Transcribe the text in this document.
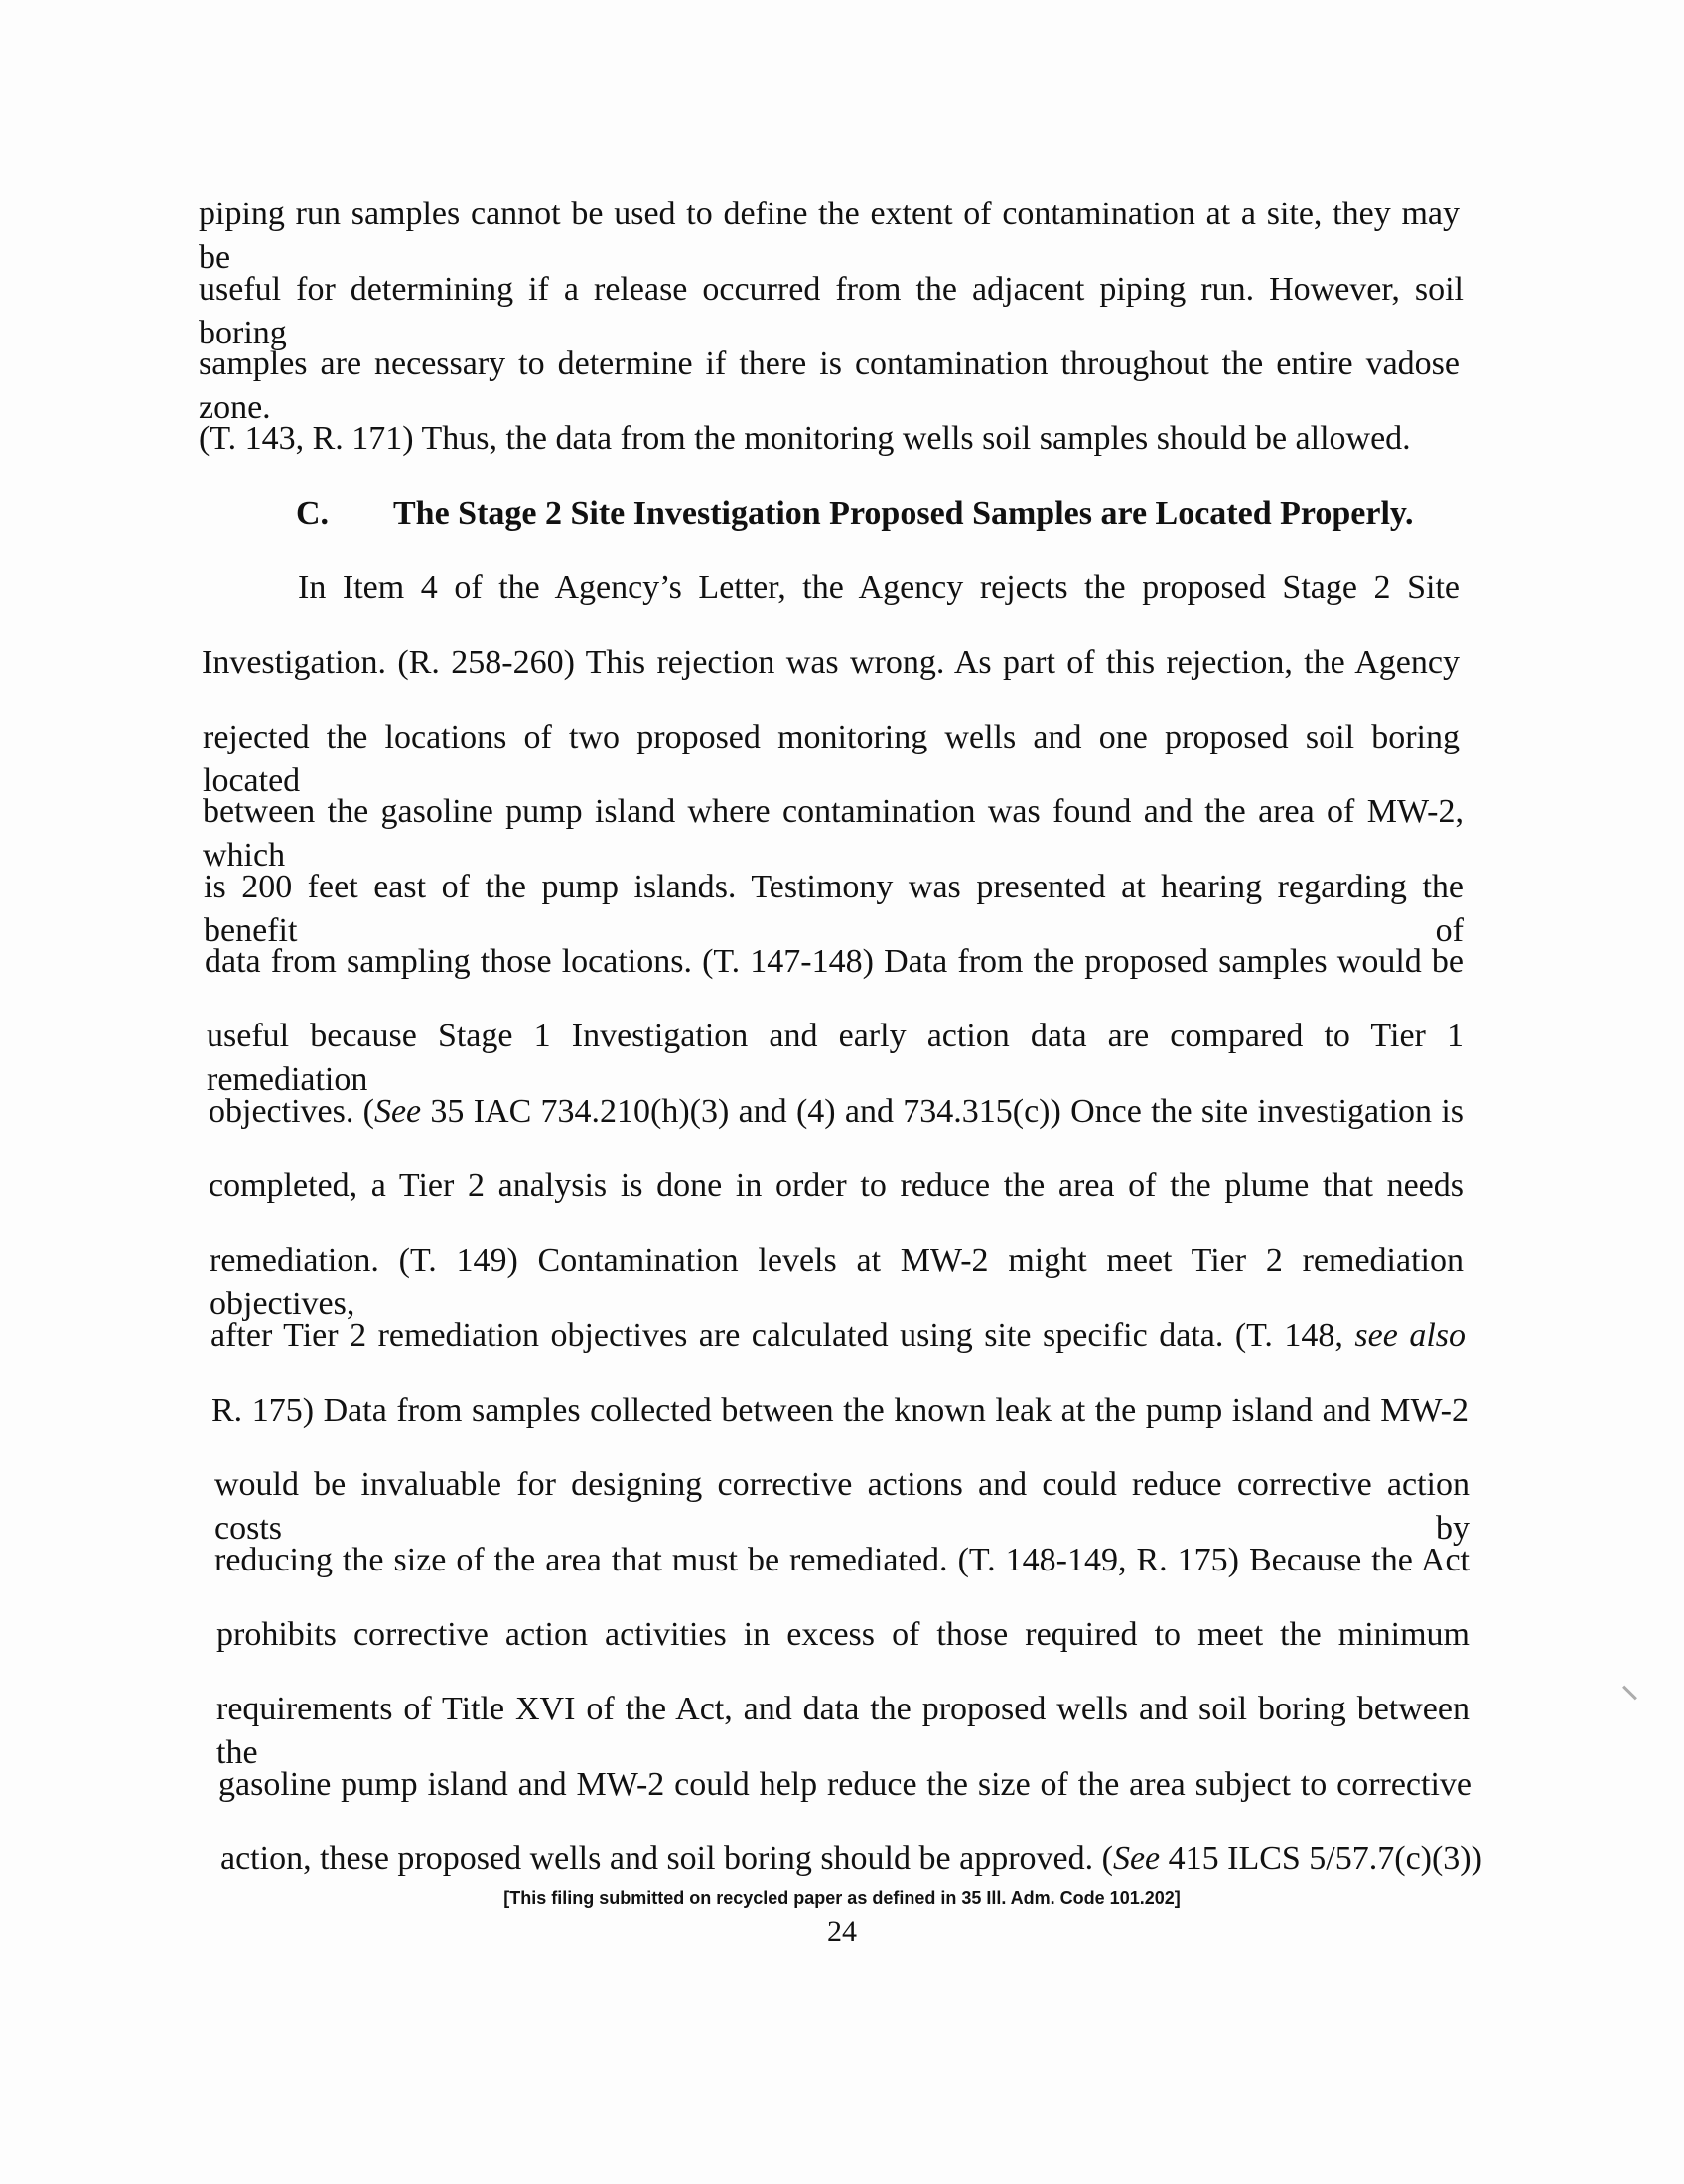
piping run samples cannot be used to define the extent of contamination at a site, they may be

useful for determining if a release occurred from the adjacent piping run. However, soil boring

samples are necessary to determine if there is contamination throughout the entire vadose zone.

(T. 143, R. 171) Thus, the data from the monitoring wells soil samples should be allowed.

C. The Stage 2 Site Investigation Proposed Samples are Located Properly.

In Item 4 of the Agency’s Letter, the Agency rejects the proposed Stage 2 Site

Investigation. (R. 258-260) This rejection was wrong. As part of this rejection, the Agency

rejected the locations of two proposed monitoring wells and one proposed soil boring located

between the gasoline pump island where contamination was found and the area of MW-2, which

is 200 feet east of the pump islands. Testimony was presented at hearing regarding the benefit of

data from sampling those locations. (T. 147-148) Data from the proposed samples would be

useful because Stage 1 Investigation and early action data are compared to Tier 1 remediation

objectives. (See 35 IAC 734.210(h)(3) and (4) and 734.315(c)) Once the site investigation is

completed, a Tier 2 analysis is done in order to reduce the area of the plume that needs

remediation. (T. 149) Contamination levels at MW-2 might meet Tier 2 remediation objectives,

after Tier 2 remediation objectives are calculated using site specific data. (T. 148, see also

R. 175) Data from samples collected between the known leak at the pump island and MW-2

would be invaluable for designing corrective actions and could reduce corrective action costs by

reducing the size of the area that must be remediated. (T. 148-149, R. 175) Because the Act

prohibits corrective action activities in excess of those required to meet the minimum

requirements of Title XVI of the Act, and data the proposed wells and soil boring between the

gasoline pump island and MW-2 could help reduce the size of the area subject to corrective

action, these proposed wells and soil boring should be approved. (See 415 ILCS 5/57.7(c)(3))

[This filing submitted on recycled paper as defined in 35 Ill. Adm. Code 101.202]
24
